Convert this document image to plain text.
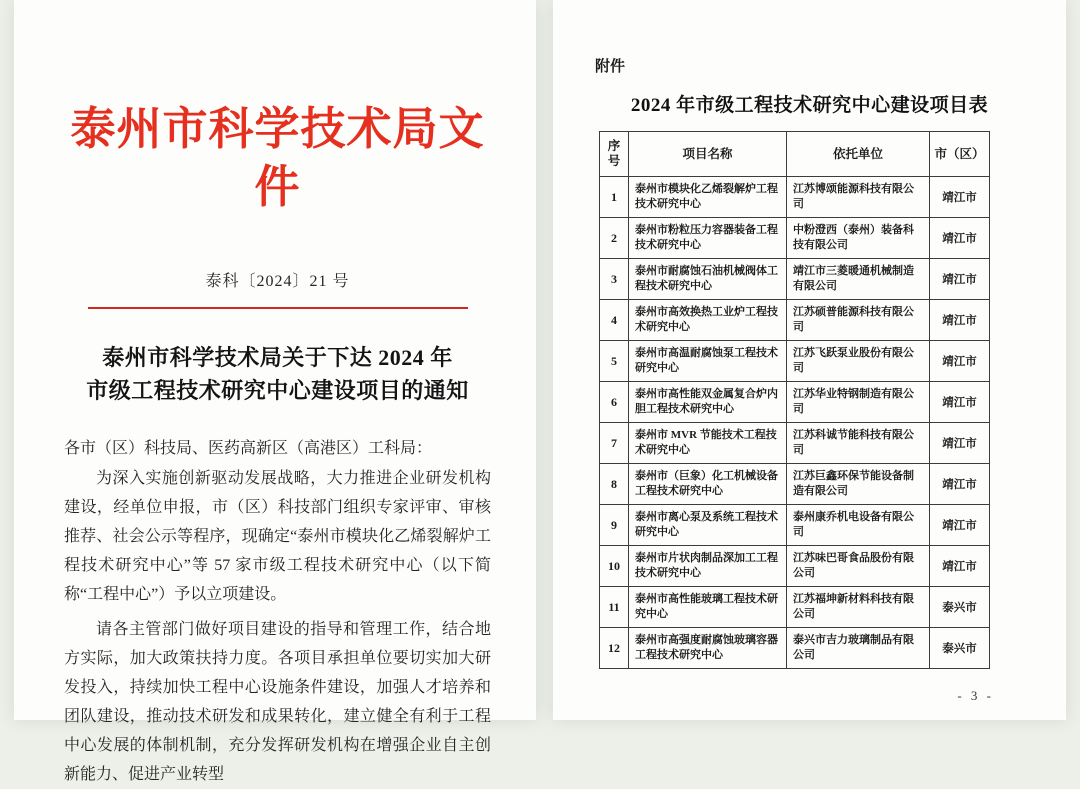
泰州市科学技术局文件
泰科〔2024〕21 号
泰州市科学技术局关于下达 2024 年
市级工程技术研究中心建设项目的通知
各市（区）科技局、医药高新区（高港区）工科局：

为深入实施创新驱动发展战略，大力推进企业研发机构建设，经单位申报，市（区）科技部门组织专家评审、审核推荐、社会公示等程序，现确定“泰州市模块化乙烯裂解炉工程技术研究中心”等 57 家市级工程技术研究中心（以下简称“工程中心”）予以立项建设。

请各主管部门做好项目建设的指导和管理工作，结合地方实际，加大政策扶持力度。各项目承担单位要切实加大研发投入，持续加快工程中心设施条件建设，加强人才培养和团队建设，推动技术研发和成果转化，建立健全有利于工程中心发展的体制机制，充分发挥研发机构在增强企业自主创新能力、促进产业转型

附件
2024 年市级工程技术研究中心建设项目表
序号	项目名称	依托单位	市（区）
1	泰州市模块化乙烯裂解炉工程技术研究中心	江苏博颂能源科技有限公司	靖江市
2	泰州市粉粒压力容器装备工程技术研究中心	中粉澄西（泰州）装备科技有限公司	靖江市
3	泰州市耐腐蚀石油机械阀体工程技术研究中心	靖江市三菱暖通机械制造有限公司	靖江市
4	泰州市高效换热工业炉工程技术研究中心	江苏硕普能源科技有限公司	靖江市
5	泰州市高温耐腐蚀泵工程技术研究中心	江苏飞跃泵业股份有限公司	靖江市
6	泰州市高性能双金属复合炉内胆工程技术研究中心	江苏华业特钢制造有限公司	靖江市
7	泰州市 MVR 节能技术工程技术研究中心	江苏科诚节能科技有限公司	靖江市
8	泰州市（巨象）化工机械设备工程技术研究中心	江苏巨鑫环保节能设备制造有限公司	靖江市
9	泰州市离心泵及系统工程技术研究中心	泰州康乔机电设备有限公司	靖江市
10	泰州市片状肉制品深加工工程技术研究中心	江苏味巴哥食品股份有限公司	靖江市
11	泰州市高性能玻璃工程技术研究中心	江苏福坤新材料科技有限公司	泰兴市
12	泰州市高强度耐腐蚀玻璃容器工程技术研究中心	泰兴市吉力玻璃制品有限公司	泰兴市
- 3 -
